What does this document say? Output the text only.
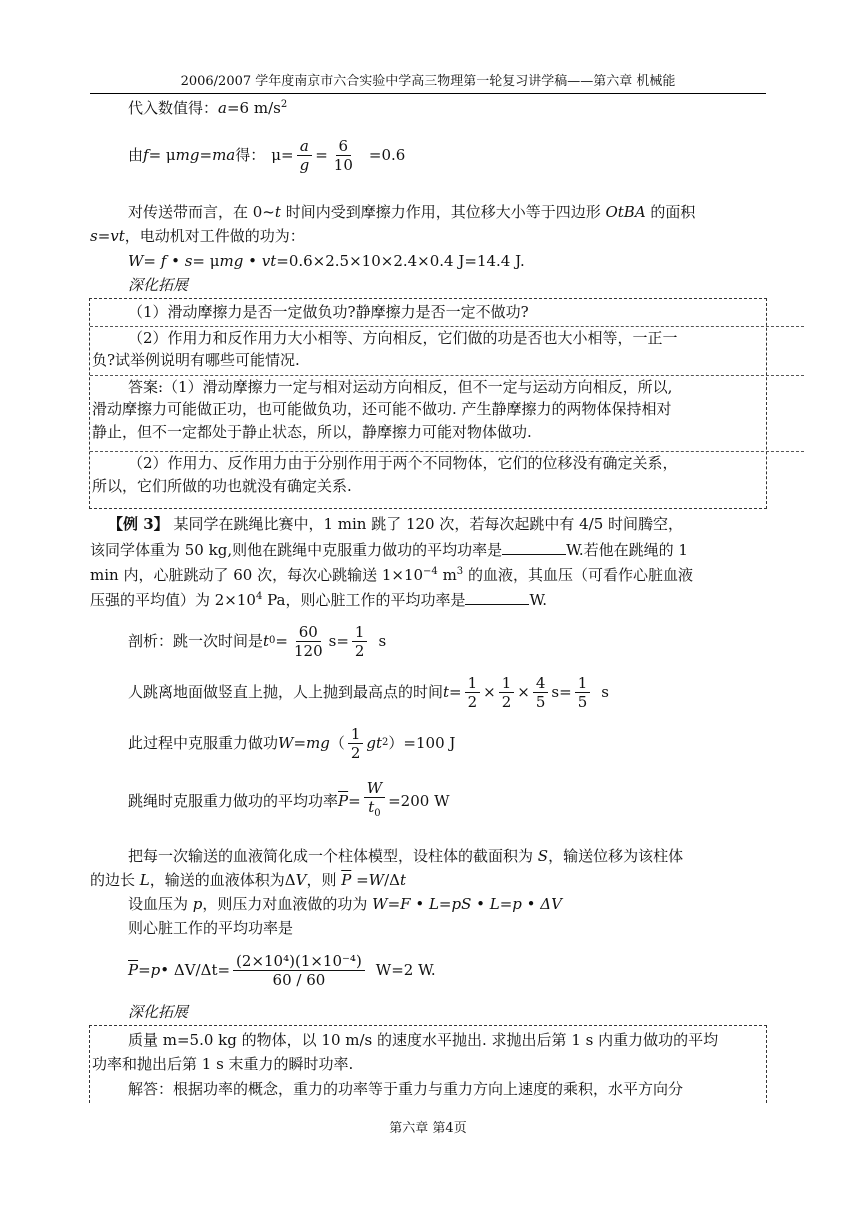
2006/2007 学年度南京市六合实验中学高三物理第一轮复习讲学稿——第六章 机械能
代入数值得：a=6 $m/s^2$
由 f = μ mg = ma 得： $\mu= \frac{a}{g} = \frac{6}{10} =0.6$
对传送带而言，在 0~t 时间内受到摩擦力作用，其位移大小等于四边形 OtBA 的面积
s=vt，电动机对工件做的功为：
W= f • s= μmg • vt=0.6×2.5×10×2.4×0.4 J=14.4 J.
深化拓展
（1）滑动摩擦力是否一定做负功?静摩擦力是否一定不做功?
（2）作用力和反作用力大小相等、方向相反，它们做的功是否也大小相等，一正一
负?试举例说明有哪些可能情况.
答案:（1）滑动摩擦力一定与相对运动方向相反，但不一定与运动方向相反，所以,
滑动摩擦力可能做正功，也可能做负功，还可能不做功. 产生静摩擦力的两物体保持相对
静止，但不一定都处于静止状态，所以，静摩擦力可能对物体做功.
（2）作用力、反作用力由于分别作用于两个不同物体，它们的位移没有确定关系，
所以，它们所做的功也就没有确定关系.
【例 3】 某同学在跳绳比赛中，1 min 跳了 120 次，若每次起跳中有 4/5 时间腾空，
该同学体重为 50 kg,则他在跳绳中克服重力做功的平均功率是	W.若他在跳绳的 1
min 内，心脏跳动了 60 次，每次心跳输送 $1\times 10^{-4}$ $m^3$ 的血液，其血压（可看作心脏血液
压强的平均值）为 $2\times 10^4$ Pa，则心脏工作的平均功率是	W.
剖析：跳一次时间是 t $0 = \frac{60}{120} s= \frac{1}{2}$ s
人跳离地面做竖直上抛，人上抛到最高点的时间 $t = \frac{1}{2} \times \frac{1}{2} \times \frac{4}{5} s= \frac{1}{5}$ s
此过程中克服重力做功 W = mg （ $\frac{1}{2}$ gt 2 ）=100 J
跳绳时克服重力做功的平均功率 $\overline{P} = \frac{W}{t_0} =200$ W
把每一次输送的血液简化成一个柱体模型，设柱体的截面积为 S，输送位移为该柱体
的边长 L，输送的血液体积为ΔV，则 $\overline{P} =W/\Delta t$
设血压为 p，则压力对血液做的功为 W=F • L=pS • L=p • ΔV
则心脏工作的平均功率是
$\overline{P} = p$ • $\Delta V/\Delta t= \frac{\text{(2×10⁴)(1×10⁻⁴)}}{60 / 60} W=2$ W.
深化拓展
质量 m=5.0 kg 的物体，以 10 m/s 的速度水平抛出. 求抛出后第 1 s 内重力做功的平均
功率和抛出后第 1 s 末重力的瞬时功率.
解答：根据功率的概念，重力的功率等于重力与重力方向上速度的乘积，水平方向分
第六章 第4页
